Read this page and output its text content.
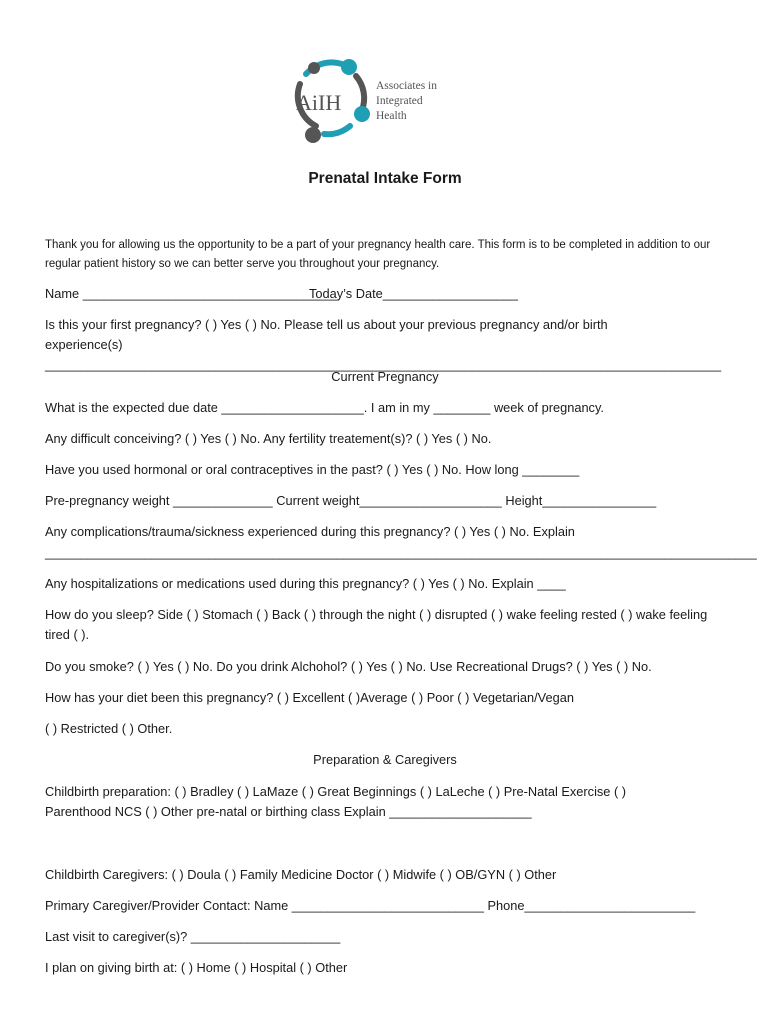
AiIH
Associates in
Integrated
Health
Prenatal Intake Form
Thank you for allowing us the opportunity to be a part of your pregnancy health care. This form is to be completed in addition to our regular patient history so we can better serve you throughout your pregnancy.
Name ____________________________________
Today’s Date___________________
Is this your first pregnancy? ( ) Yes ( ) No. Please tell us about your previous pregnancy and/or birth experience(s) _______________________________________________________________________________________________
Current Pregnancy
What is the expected due date ____________________. I am in my ________ week of pregnancy.
Any difficult conceiving? ( ) Yes ( ) No. Any fertility treatement(s)? ( ) Yes ( ) No.
Have you used hormonal or oral contraceptives in the past? ( ) Yes ( ) No. How long ________
Pre-pregnancy weight ______________ Current weight____________________ Height________________
Any complications/trauma/sickness experienced during this pregnancy? ( ) Yes ( ) No. Explain
____________________________________________________________________________________________________
Any hospitalizations or medications used during this pregnancy? ( ) Yes ( ) No. Explain ____
How do you sleep? Side ( ) Stomach ( ) Back ( ) through the night ( ) disrupted ( ) wake feeling rested ( ) wake feeling tired ( ).
Do you smoke? ( ) Yes ( ) No. Do you drink Alchohol? ( ) Yes ( ) No. Use Recreational Drugs? ( ) Yes ( ) No.
How has your diet been this pregnancy? ( ) Excellent ( )Average ( ) Poor ( ) Vegetarian/Vegan
( ) Restricted ( ) Other.
Preparation & Caregivers
Childbirth preparation: ( ) Bradley ( ) LaMaze ( ) Great Beginnings ( ) LaLeche ( ) Pre-Natal Exercise ( ) Parenthood NCS ( ) Other pre-natal or birthing class Explain ____________________
Childbirth Caregivers: ( ) Doula ( ) Family Medicine Doctor ( ) Midwife ( ) OB/GYN ( ) Other
Primary Caregiver/Provider Contact: Name ___________________________ Phone________________________
Last visit to caregiver(s)? _____________________
I plan on giving birth at: ( ) Home ( ) Hospital ( ) Other
